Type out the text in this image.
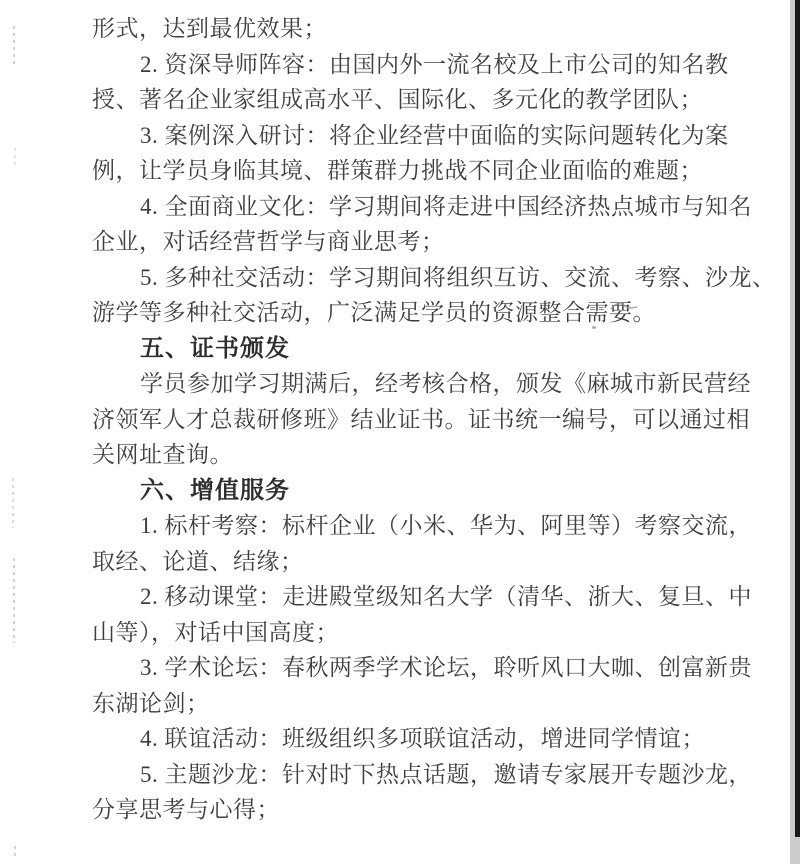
形式，达到最优效果；
2. 资深导师阵容：由国内外一流名校及上市公司的知名教
授、著名企业家组成高水平、国际化、多元化的教学团队；
3. 案例深入研讨：将企业经营中面临的实际问题转化为案
例，让学员身临其境、群策群力挑战不同企业面临的难题；
4. 全面商业文化：学习期间将走进中国经济热点城市与知名
企业，对话经营哲学与商业思考；
5. 多种社交活动：学习期间将组织互访、交流、考察、沙龙、
游学等多种社交活动，广泛满足学员的资源整合需要。
五、证书颁发
学员参加学习期满后，经考核合格，颁发《麻城市新民营经
济领军人才总裁研修班》结业证书。证书统一编号，可以通过相
关网址查询。
六、增值服务
1. 标杆考察：标杆企业（小米、华为、阿里等）考察交流，
取经、论道、结缘；
2. 移动课堂：走进殿堂级知名大学（清华、浙大、复旦、中
山等），对话中国高度；
3. 学术论坛：春秋两季学术论坛，聆听风口大咖、创富新贵
东湖论剑；
4. 联谊活动：班级组织多项联谊活动，增进同学情谊；
5. 主题沙龙：针对时下热点话题，邀请专家展开专题沙龙，
分享思考与心得；
